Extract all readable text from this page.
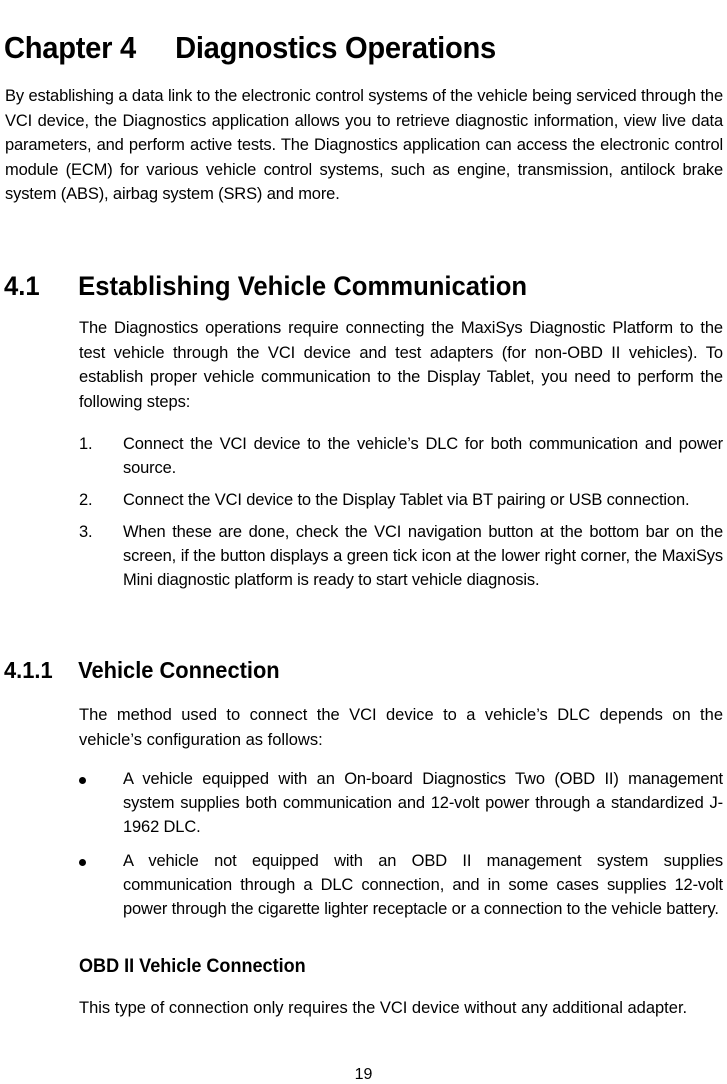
Chapter 4 Diagnostics Operations

By establishing a data link to the electronic control systems of the vehicle being serviced through the VCI device, the Diagnostics application allows you to retrieve diagnostic information, view live data parameters, and perform active tests. The Diagnostics application can access the electronic control module (ECM) for various vehicle control systems, such as engine, transmission, antilock brake system (ABS), airbag system (SRS) and more.

4.1 Establishing Vehicle Communication

The Diagnostics operations require connecting the MaxiSys Diagnostic Platform to the test vehicle through the VCI device and test adapters (for non-OBD II vehicles). To establish proper vehicle communication to the Display Tablet, you need to perform the following steps:

1. Connect the VCI device to the vehicle’s DLC for both communication and power source.
2. Connect the VCI device to the Display Tablet via BT pairing or USB connection.
3. When these are done, check the VCI navigation button at the bottom bar on the screen, if the button displays a green tick icon at the lower right corner, the MaxiSys Mini diagnostic platform is ready to start vehicle diagnosis.
4.1.1 Vehicle Connection

The method used to connect the VCI device to a vehicle’s DLC depends on the vehicle’s configuration as follows:

A vehicle equipped with an On-board Diagnostics Two (OBD II) management system supplies both communication and 12-volt power through a standardized J-1962 DLC.
A vehicle not equipped with an OBD II management system supplies communication through a DLC connection, and in some cases supplies 12-volt power through the cigarette lighter receptacle or a connection to the vehicle battery.
OBD II Vehicle Connection

This type of connection only requires the VCI device without any additional adapter.

19
